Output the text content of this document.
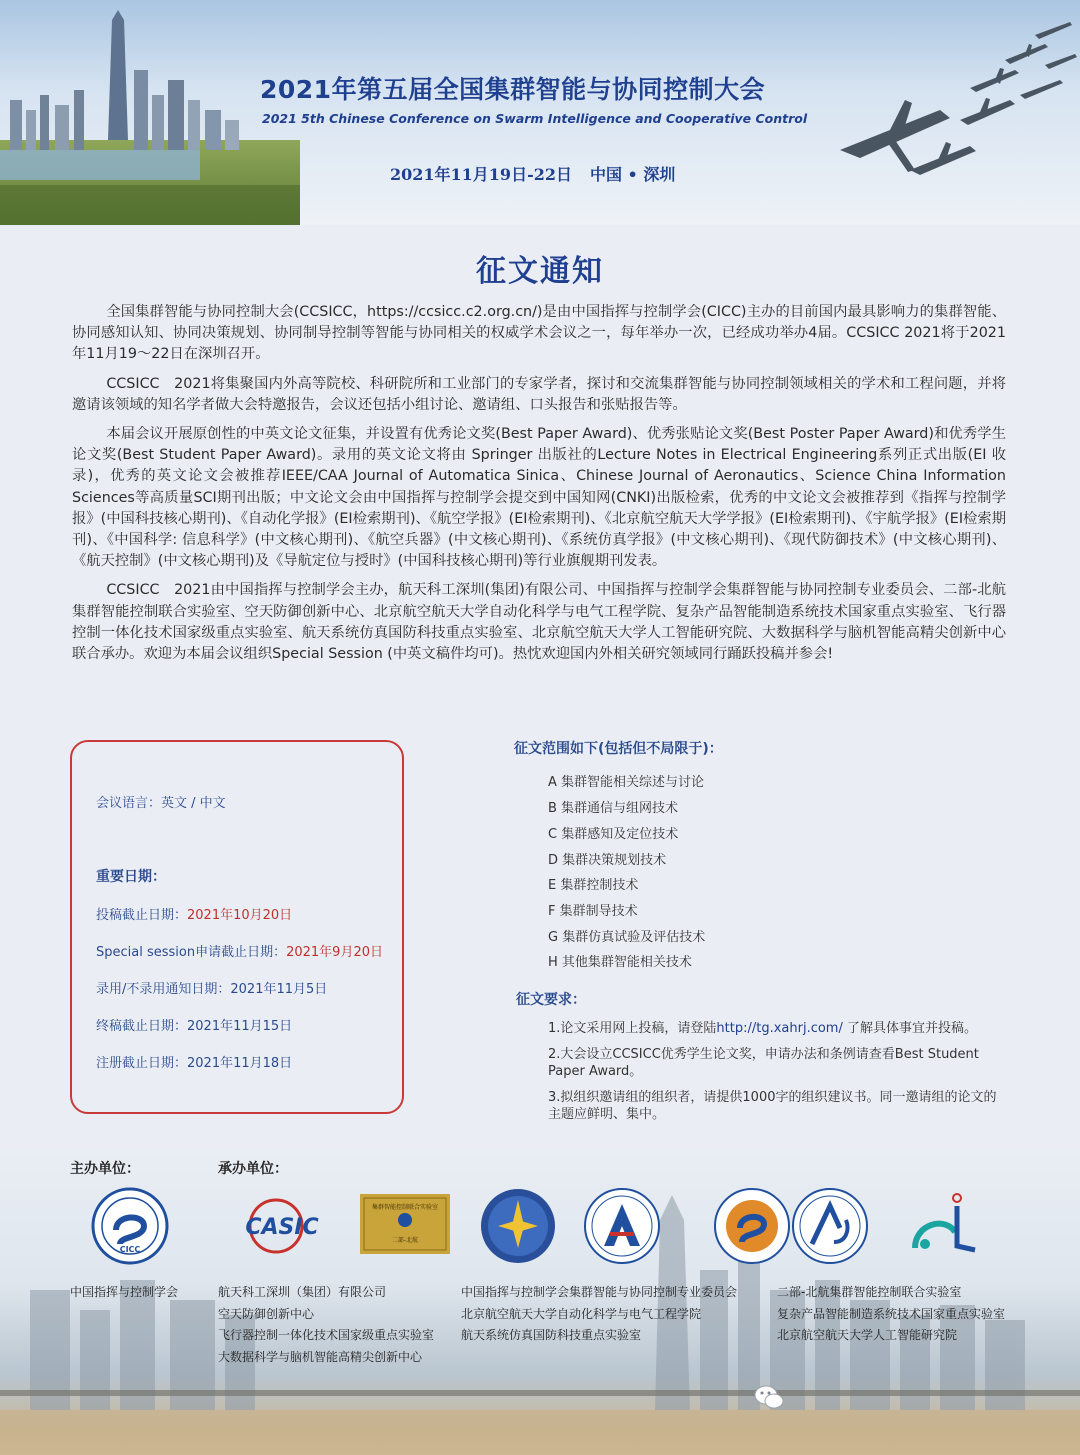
2021年第五届全国集群智能与协同控制大会
2021 5th Chinese Conference on Swarm Intelligence and Cooperative Control
2021年11月19日-22日 中国 • 深圳
征文通知

全国集群智能与协同控制大会(CCSICC，https://ccsicc.c2.org.cn/)是由中国指挥与控制学会(CICC)主办的目前国内最具影响力的集群智能、协同感知认知、协同决策规划、协同制导控制等智能与协同相关的权威学术会议之一，每年举办一次，已经成功举办4届。CCSICC 2021将于2021年11月19～22日在深圳召开。

CCSICC　2021将集聚国内外高等院校、科研院所和工业部门的专家学者，探讨和交流集群智能与协同控制领域相关的学术和工程问题，并将邀请该领域的知名学者做大会特邀报告，会议还包括小组讨论、邀请组、口头报告和张贴报告等。

本届会议开展原创性的中英文论文征集，并设置有优秀论文奖(Best Paper Award)、优秀张贴论文奖(Best Poster Paper Award)和优秀学生论文奖(Best Student Paper Award)。录用的英文论文将由 Springer 出版社的Lecture Notes in Electrical Engineering系列正式出版(EI 收录)，优秀的英文论文会被推荐IEEE/CAA Journal of Automatica Sinica、Chinese Journal of Aeronautics、Science China Information Sciences等高质量SCI期刊出版；中文论文会由中国指挥与控制学会提交到中国知网(CNKI)出版检索，优秀的中文论文会被推荐到《指挥与控制学报》(中国科技核心期刊)、《自动化学报》(EI检索期刊)、《航空学报》(EI检索期刊)、《北京航空航天大学学报》(EI检索期刊)、《宇航学报》(EI检索期刊)、《中国科学: 信息科学》(中文核心期刊)、《航空兵器》(中文核心期刊)、《系统仿真学报》(中文核心期刊)、《现代防御技术》(中文核心期刊)、《航天控制》(中文核心期刊)及《导航定位与授时》(中国科技核心期刊)等行业旗舰期刊发表。

CCSICC　2021由中国指挥与控制学会主办，航天科工深圳(集团)有限公司、中国指挥与控制学会集群智能与协同控制专业委员会、二部-北航集群智能控制联合实验室、空天防御创新中心、北京航空航天大学自动化科学与电气工程学院、复杂产品智能制造系统技术国家重点实验室、飞行器控制一体化技术国家级重点实验室、航天系统仿真国防科技重点实验室、北京航空航天大学人工智能研究院、大数据科学与脑机智能高精尖创新中心联合承办。欢迎为本届会议组织Special Session (中英文稿件均可)。热忱欢迎国内外相关研究领域同行踊跃投稿并参会!

会议语言：英文 / 中文
重要日期：
投稿截止日期：2021年10月20日
Special session申请截止日期：2021年9月20日
录用/不录用通知日期：2021年11月5日
终稿截止日期：2021年11月15日
注册截止日期：2021年11月18日
征文范围如下(包括但不局限于)：
A 集群智能相关综述与讨论
B 集群通信与组网技术
C 集群感知及定位技术
D 集群决策规划技术
E 集群控制技术
F 集群制导技术
G 集群仿真试验及评估技术
H 其他集群智能相关技术
征文要求：
1.论文采用网上投稿，请登陆http://tg.xahrj.com/ 了解具体事宜并投稿。
2.大会设立CCSICC优秀学生论文奖，申请办法和条例请查看Best Student Paper Award。
3.拟组织邀请组的组织者，请提供1000字的组织建议书。同一邀请组的论文的主题应鲜明、集中。
主办单位：	承办单位：
CICC
CASIC
集群智能控制联合实验室
二部-北航
中国指挥与控制学会	航天科工深圳（集团）有限公司
空天防御创新中心
飞行器控制一体化技术国家级重点实验室
大数据科学与脑机智能高精尖创新中心
中国指挥与控制学会集群智能与协同控制专业委员会
北京航空航天大学自动化科学与电气工程学院
航天系统仿真国防科技重点实验室
二部-北航集群智能控制联合实验室
复杂产品智能制造系统技术国家重点实验室
北京航空航天大学人工智能研究院
